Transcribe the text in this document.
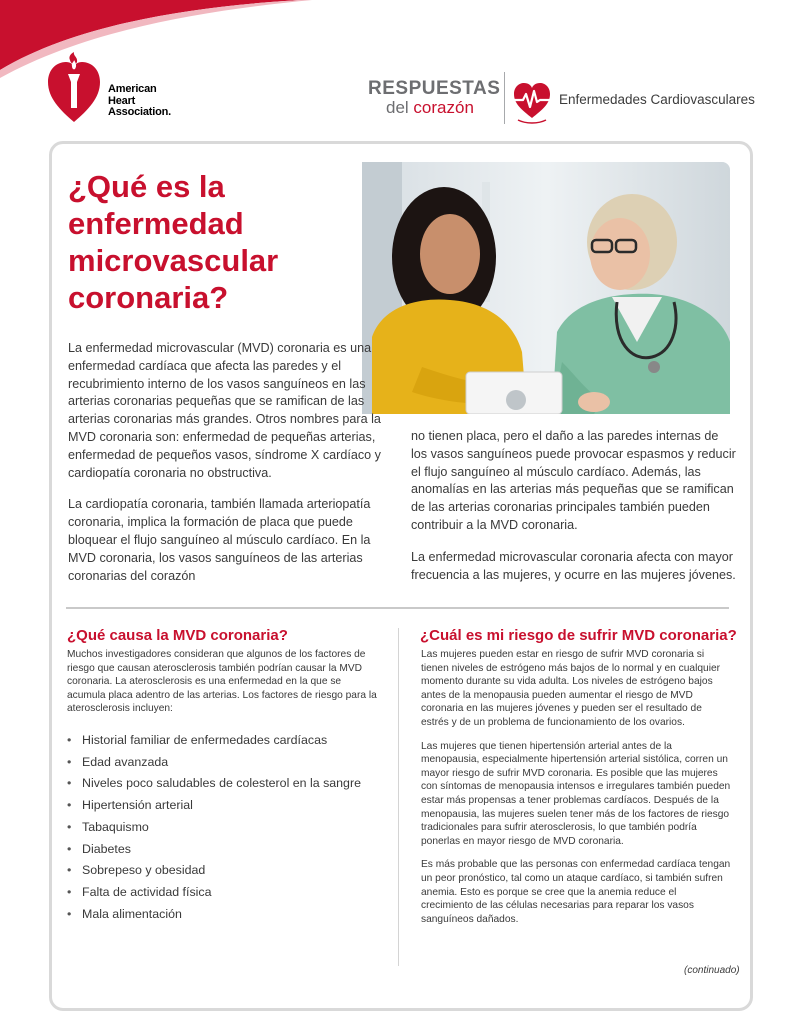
American
Heart
Association.
RESPUESTAS
del corazón	Enfermedades Cardiovasculares
¿Qué es la enfermedad microvascular coronaria?

La enfermedad microvascular (MVD) coronaria es una enfermedad cardíaca que afecta las paredes y el recubrimiento interno de los vasos sanguíneos en las arterias coronarias pequeñas que se ramifican de las arterias coronarias más grandes. Otros nombres para la MVD coronaria son: enfermedad de pequeñas arterias, enfermedad de pequeños vasos, síndrome X cardíaco y cardiopatía coronaria no obstructiva.

La cardiopatía coronaria, también llamada arteriopatía coronaria, implica la formación de placa que puede bloquear el flujo sanguíneo al músculo cardíaco. En la MVD coronaria, los vasos sanguíneos de las arterias coronarias del corazón

no tienen placa, pero el daño a las paredes internas de los vasos sanguíneos puede provocar espasmos y reducir el flujo sanguíneo al músculo cardíaco. Además, las anomalías en las arterias más pequeñas que se ramifican de las arterias coronarias principales también pueden contribuir a la MVD coronaria.

La enfermedad microvascular coronaria afecta con mayor frecuencia a las mujeres, y ocurre en las mujeres jóvenes.

¿Qué causa la MVD coronaria?

Muchos investigadores consideran que algunos de los factores de riesgo que causan aterosclerosis también podrían causar la MVD coronaria. La aterosclerosis es una enfermedad en la que se acumula placa adentro de las arterias. Los factores de riesgo para la aterosclerosis incluyen:

• Historial familiar de enfermedades cardíacas
• Edad avanzada
• Niveles poco saludables de colesterol en la sangre
• Hipertensión arterial
• Tabaquismo
• Diabetes
• Sobrepeso y obesidad
• Falta de actividad física
• Mala alimentación
¿Cuál es mi riesgo de sufrir MVD coronaria?

Las mujeres pueden estar en riesgo de sufrir MVD coronaria si tienen niveles de estrógeno más bajos de lo normal y en cualquier momento durante su vida adulta. Los niveles de estrógeno bajos antes de la menopausia pueden aumentar el riesgo de MVD coronaria en las mujeres jóvenes y pueden ser el resultado de estrés y de un problema de funcionamiento de los ovarios.

Las mujeres que tienen hipertensión arterial antes de la menopausia, especialmente hipertensión arterial sistólica, corren un mayor riesgo de sufrir MVD coronaria. Es posible que las mujeres con síntomas de menopausia intensos e irregulares también pueden estar más propensas a tener problemas cardíacos. Después de la menopausia, las mujeres suelen tener más de los factores de riesgo tradicionales para sufrir aterosclerosis, lo que también podría ponerlas en mayor riesgo de MVD coronaria.

Es más probable que las personas con enfermedad cardíaca tengan un peor pronóstico, tal como un ataque cardíaco, si también sufren anemia. Esto es porque se cree que la anemia reduce el crecimiento de las células necesarias para reparar los vasos sanguíneos dañados.

(continuado)
